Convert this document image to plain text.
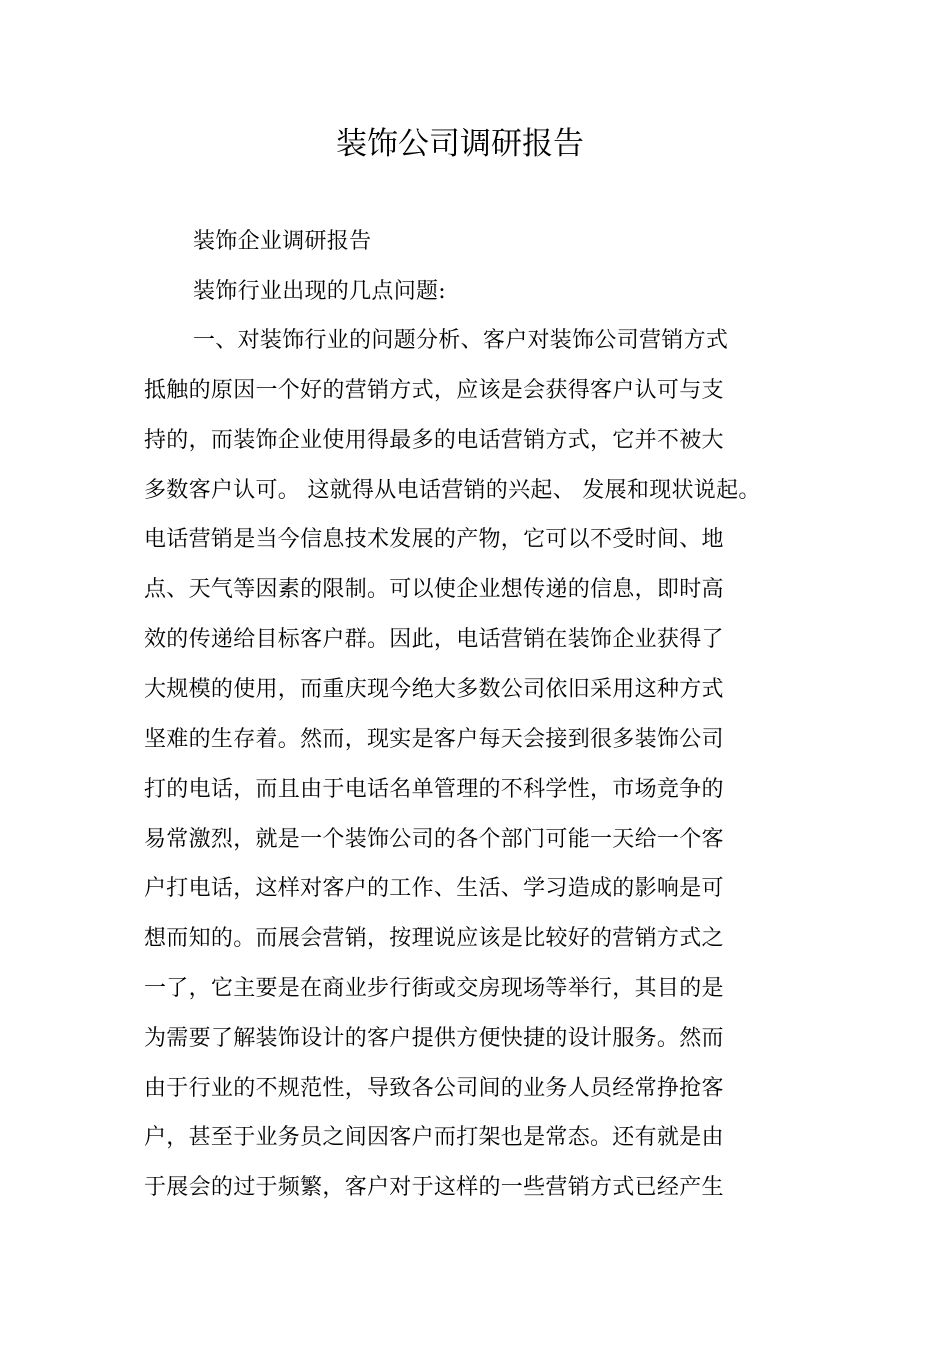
装饰公司调研报告
装饰企业调研报告
装饰行业出现的几点问题:
一、对装饰行业的问题分析、客户对装饰公司营销方式
抵触的原因一个好的营销方式，应该是会获得客户认可与支
持的，而装饰企业使用得最多的电话营销方式，它并不被大
多数客户认可。 这就得从电话营销的兴起、 发展和现状说起。
电话营销是当今信息技术发展的产物，它可以不受时间、地
点、天气等因素的限制。可以使企业想传递的信息，即时高
效的传递给目标客户群。因此，电话营销在装饰企业获得了
大规模的使用，而重庆现今绝大多数公司依旧采用这种方式
坚难的生存着。然而，现实是客户每天会接到很多装饰公司
打的电话，而且由于电话名单管理的不科学性，市场竞争的
易常激烈，就是一个装饰公司的各个部门可能一天给一个客
户打电话，这样对客户的工作、生活、学习造成的影响是可
想而知的。而展会营销，按理说应该是比较好的营销方式之
一了，它主要是在商业步行街或交房现场等举行，其目的是
为需要了解装饰设计的客户提供方便快捷的设计服务。然而
由于行业的不规范性，导致各公司间的业务人员经常挣抢客
户，甚至于业务员之间因客户而打架也是常态。还有就是由
于展会的过于频繁，客户对于这样的一些营销方式已经产生
